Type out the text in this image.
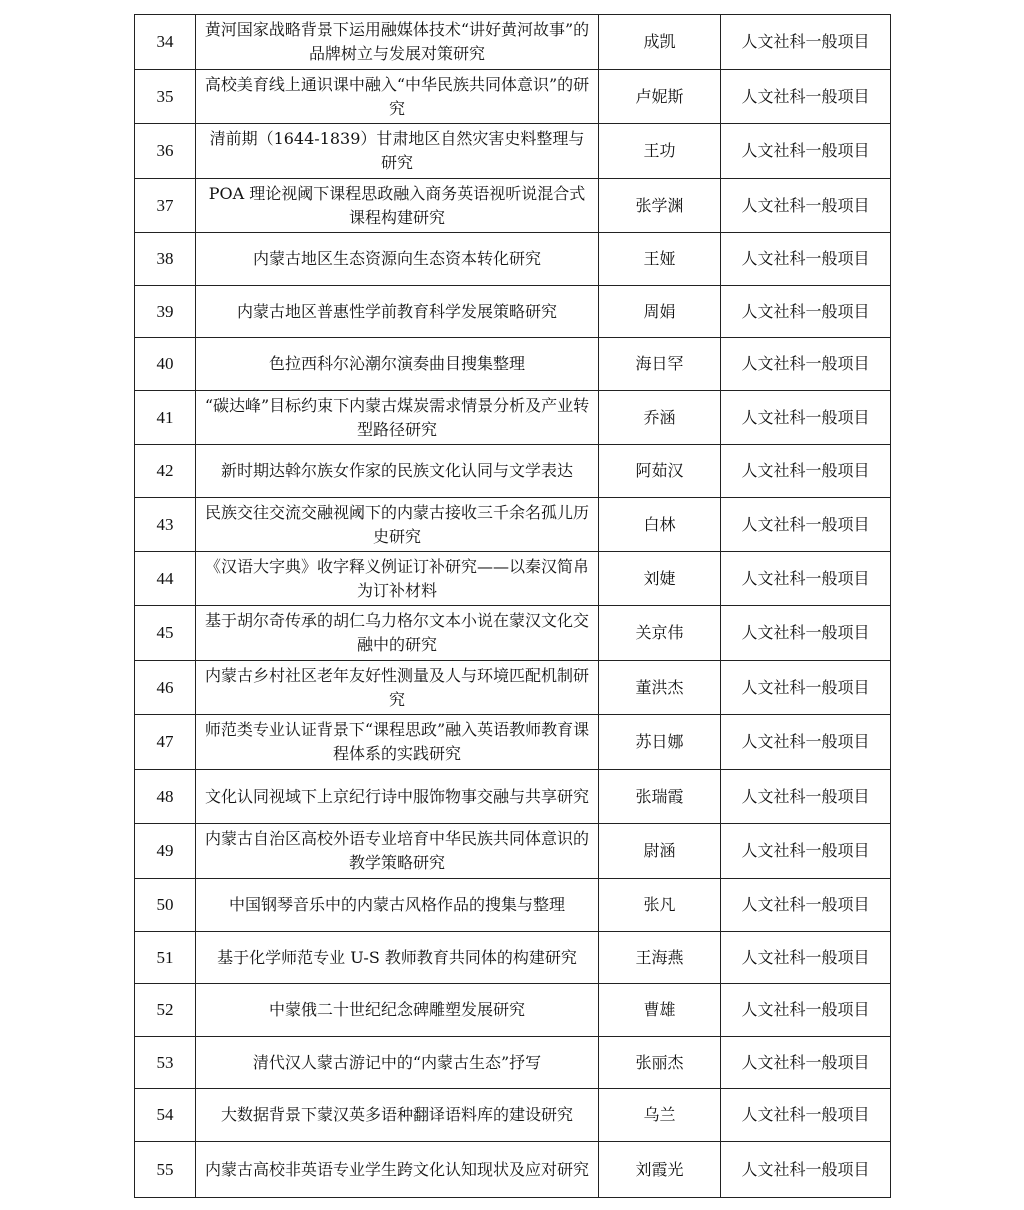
34	黄河国家战略背景下运用融媒体技术“讲好黄河故事”的品牌树立与发展对策研究	成凯	人文社科一般项目
35	高校美育线上通识课中融入“中华民族共同体意识”的研究	卢妮斯	人文社科一般项目
36	清前期（1644-1839）甘肃地区自然灾害史料整理与研究	王功	人文社科一般项目
37	POA 理论视阈下课程思政融入商务英语视听说混合式课程构建研究	张学渊	人文社科一般项目
38	内蒙古地区生态资源向生态资本转化研究	王娅	人文社科一般项目
39	内蒙古地区普惠性学前教育科学发展策略研究	周娟	人文社科一般项目
40	色拉西科尔沁潮尔演奏曲目搜集整理	海日罕	人文社科一般项目
41	“碳达峰”目标约束下内蒙古煤炭需求情景分析及产业转型路径研究	乔涵	人文社科一般项目
42	新时期达斡尔族女作家的民族文化认同与文学表达	阿茹汉	人文社科一般项目
43	民族交往交流交融视阈下的内蒙古接收三千余名孤儿历史研究	白林	人文社科一般项目
44	《汉语大字典》收字释义例证订补研究——以秦汉简帛为订补材料	刘婕	人文社科一般项目
45	基于胡尔奇传承的胡仁乌力格尔文本小说在蒙汉文化交融中的研究	关京伟	人文社科一般项目
46	内蒙古乡村社区老年友好性测量及人与环境匹配机制研究	董洪杰	人文社科一般项目
47	师范类专业认证背景下“课程思政”融入英语教师教育课程体系的实践研究	苏日娜	人文社科一般项目
48	文化认同视域下上京纪行诗中服饰物事交融与共享研究	张瑞霞	人文社科一般项目
49	内蒙古自治区高校外语专业培育中华民族共同体意识的教学策略研究	尉涵	人文社科一般项目
50	中国钢琴音乐中的内蒙古风格作品的搜集与整理	张凡	人文社科一般项目
51	基于化学师范专业 U-S 教师教育共同体的构建研究	王海燕	人文社科一般项目
52	中蒙俄二十世纪纪念碑雕塑发展研究	曹雄	人文社科一般项目
53	清代汉人蒙古游记中的“内蒙古生态”抒写	张丽杰	人文社科一般项目
54	大数据背景下蒙汉英多语种翻译语料库的建设研究	乌兰	人文社科一般项目
55	内蒙古高校非英语专业学生跨文化认知现状及应对研究	刘霞光	人文社科一般项目
